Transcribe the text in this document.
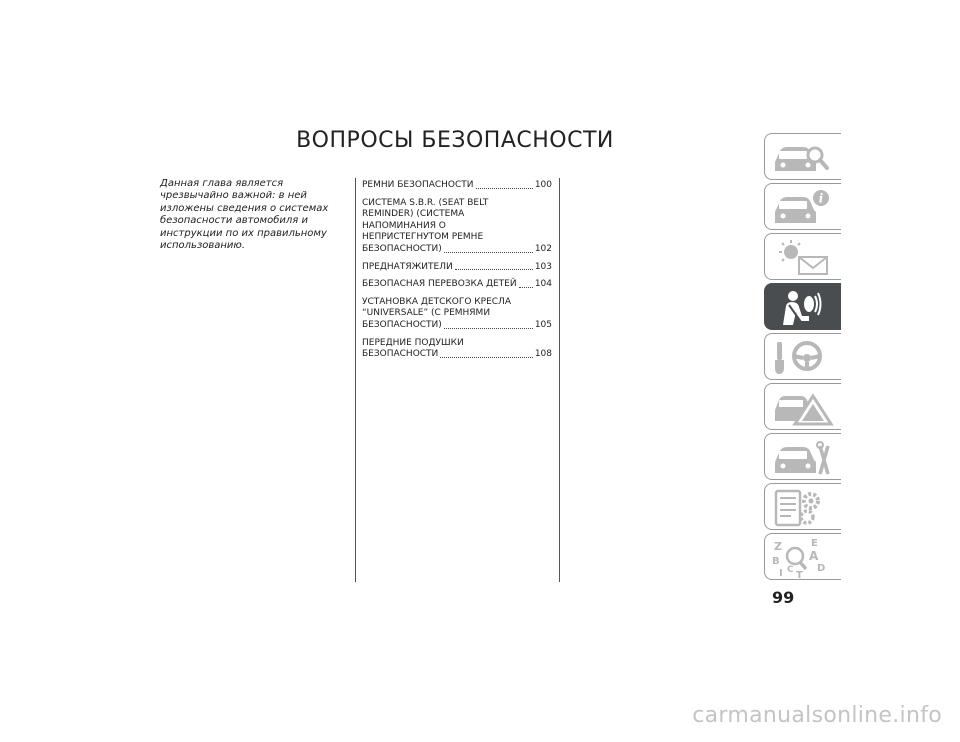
ВОПРОСЫ БЕЗОПАСНОСТИ
Данная глава является чрезвычайно важной: в ней изложены сведения о системах безопасности автомобиля и инструкции по их правильному использованию.
РЕМНИ БЕЗОПАСНОСТИ	100
СИСТЕМА S.B.R. (SEAT BELT
REMINDER) (СИСТЕМА
НАПОМИНАНИЯ О
НЕПРИСТЕГНУТОМ РЕМНЕ
БЕЗОПАСНОСТИ)	102
ПРЕДНАТЯЖИТЕЛИ	103
БЕЗОПАСНАЯ ПЕРЕВОЗКА ДЕТЕЙ 104
УСТАНОВКА ДЕТСКОГО КРЕСЛА
“UNIVERSALE” (С РЕМНЯМИ
БЕЗОПАСНОСТИ)	105
ПЕРЕДНИЕ ПОДУШКИ
БЕЗОПАСНОСТИ	108
i
Z
B
I C T
E
A
D
99
carmanualsonline.info
